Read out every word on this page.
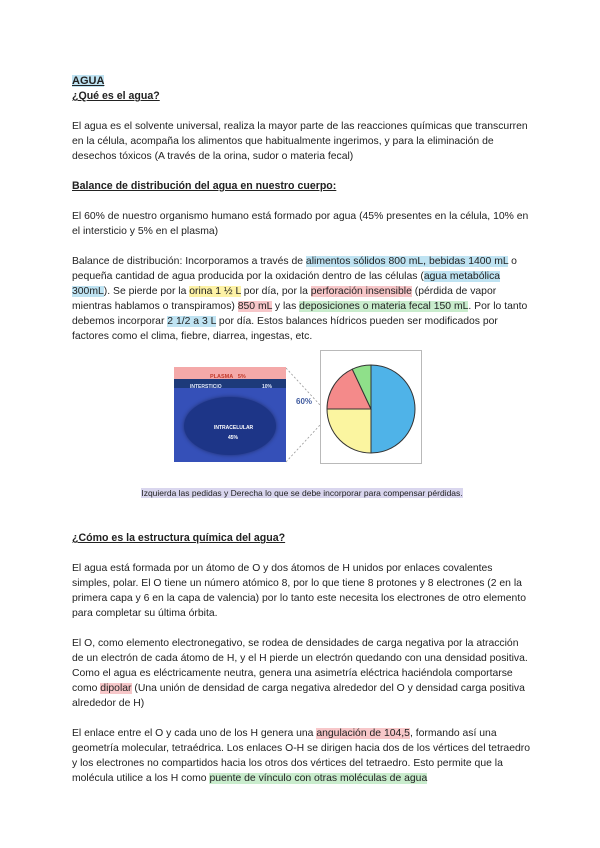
AGUA
¿Qué es el agua?

El agua es el solvente universal, realiza la mayor parte de las reacciones químicas que transcurren en la célula, acompaña los alimentos que habitualmente ingerimos, y para la eliminación de desechos tóxicos (A través de la orina, sudor o materia fecal)

Balance de distribución del agua en nuestro cuerpo:

El 60% de nuestro organismo humano está formado por agua (45% presentes en la célula, 10% en el intersticio y 5% en el plasma)

Balance de distribución: Incorporamos a través de alimentos sólidos 800 mL, bebidas 1400 mL o pequeña cantidad de agua producida por la oxidación dentro de las células (agua metabólica 300mL). Se pierde por la orina 1 ½ L por día, por la perforación insensible (pérdida de vapor mientras hablamos o transpiramos) 850 mL y las deposiciones o materia fecal 150 mL. Por lo tanto debemos incorporar 2 1/2 a 3 L por día. Estos balances hídricos pueden ser modificados por factores como el clima, fiebre, diarrea, ingestas, etc.

PLASMA 5%
INTERSTICIO	10%
INTRACELULAR
45%
60%
Izquierda las pedidas y Derecha lo que se debe incorporar para compensar pérdidas.
¿Cómo es la estructura química del agua?

El agua está formada por un átomo de O y dos átomos de H unidos por enlaces covalentes simples, polar. El O tiene un número atómico 8, por lo que tiene 8 protones y 8 electrones (2 en la primera capa y 6 en la capa de valencia) por lo tanto este necesita los electrones de otro elemento para completar su última órbita.

El O, como elemento electronegativo, se rodea de densidades de carga negativa por la atracción de un electrón de cada átomo de H, y el H pierde un electrón quedando con una densidad positiva. Como el agua es eléctricamente neutra, genera una asimetría eléctrica haciéndola comportarse como dipolar (Una unión de densidad de carga negativa alrededor del O y densidad carga positiva alrededor de H)

El enlace entre el O y cada uno de los H genera una angulación de 104,5, formando así una geometría molecular, tetraédrica. Los enlaces O-H se dirigen hacia dos de los vértices del tetraedro y los electrones no compartidos hacia los otros dos vértices del tetraedro. Esto permite que la molécula utilice a los H como puente de vínculo con otras moléculas de agua
